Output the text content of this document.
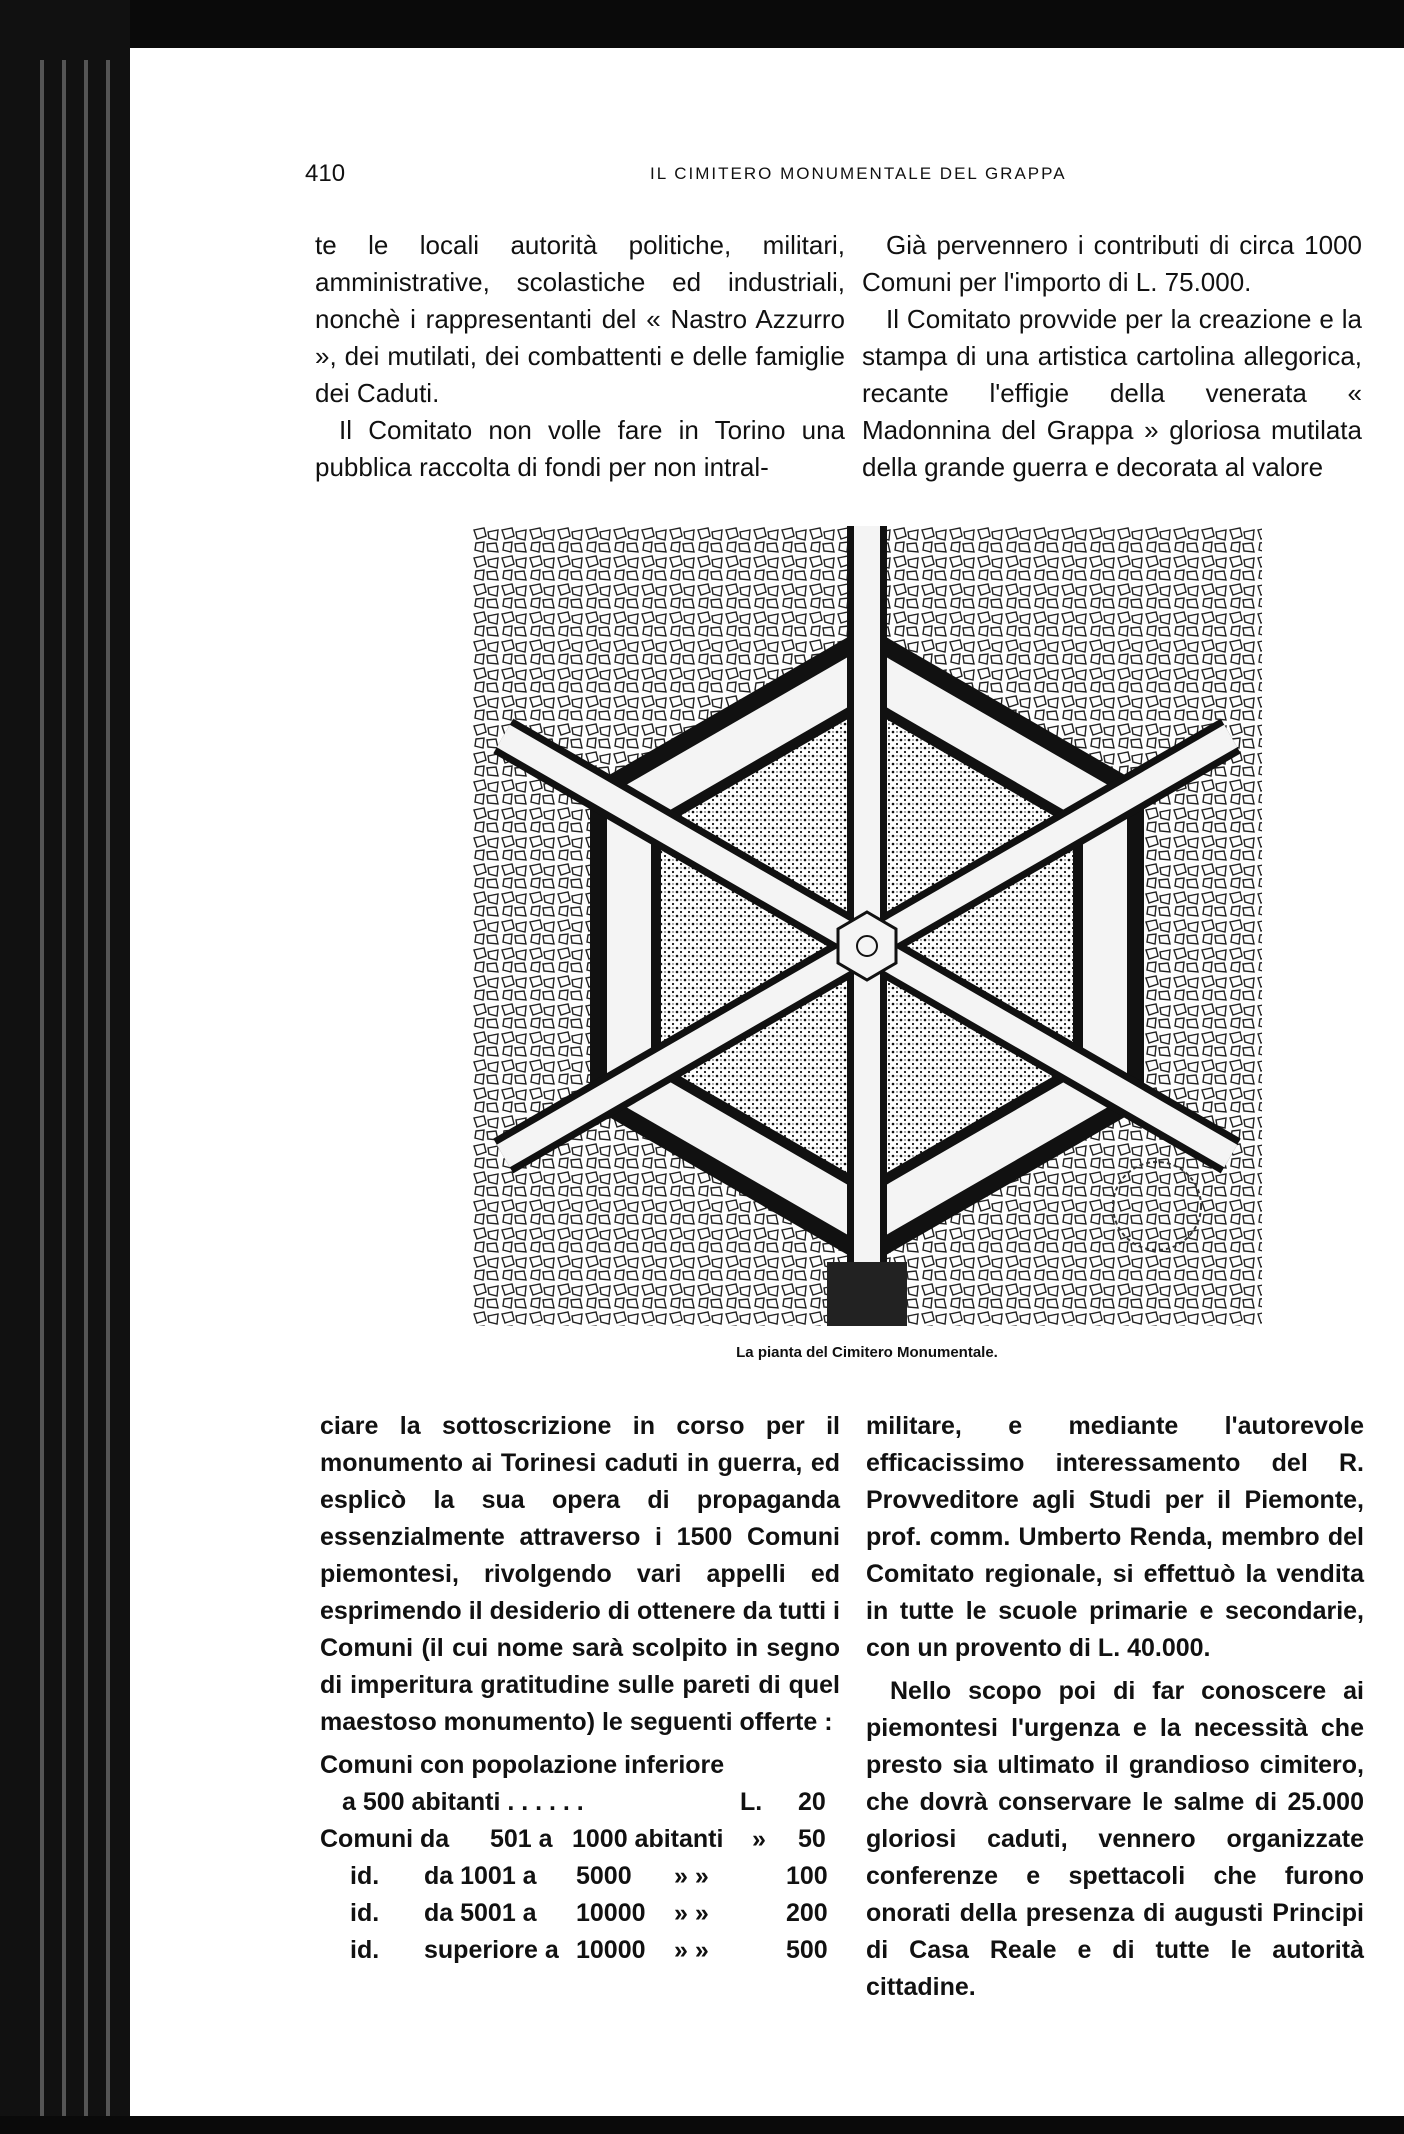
410	IL CIMITERO MONUMENTALE DEL GRAPPA

te le locali autorità politiche, militari, amministrative, scolastiche ed industriali, nonchè i rappresentanti del « Nastro Azzurro », dei mutilati, dei combattenti e delle famiglie dei Caduti.

Il Comitato non volle fare in Torino una pubblica raccolta di fondi per non intral-

Già pervennero i contributi di circa 1000 Comuni per l'importo di L. 75.000.

Il Comitato provvide per la creazione e la stampa di una artistica cartolina allegorica, recante l'effigie della venerata « Madonnina del Grappa » gloriosa mutilata della grande guerra e decorata al valore

La pianta del Cimitero Monumentale.

ciare la sottoscrizione in corso per il monumento ai Torinesi caduti in guerra, ed esplicò la sua opera di propaganda essenzialmente attraverso i 1500 Comuni piemontesi, rivolgendo vari appelli ed esprimendo il desiderio di ottenere da tutti i Comuni (il cui nome sarà scolpito in segno di imperitura gratitudine sulle pareti di quel maestoso monumento) le seguenti offerte :

Comuni con popolazione inferiore

a 500 abitanti . . . . . .	L. 20
Comuni da 501 a 1000 abitanti » 50
id. da 1001 a 5000 » »	100
id. da 5001 a 10000 » »	200
id. superiore a 10000 » »	500

militare, e mediante l'autorevole efficacissimo interessamento del R. Provveditore agli Studi per il Piemonte, prof. comm. Umberto Renda, membro del Comitato regionale, si effettuò la vendita in tutte le scuole primarie e secondarie, con un provento di L. 40.000.

Nello scopo poi di far conoscere ai piemontesi l'urgenza e la necessità che presto sia ultimato il grandioso cimitero, che dovrà conservare le salme di 25.000 gloriosi caduti, vennero organizzate conferenze e spettacoli che furono onorati della presenza di augusti Principi di Casa Reale e di tutte le autorità cittadine.
